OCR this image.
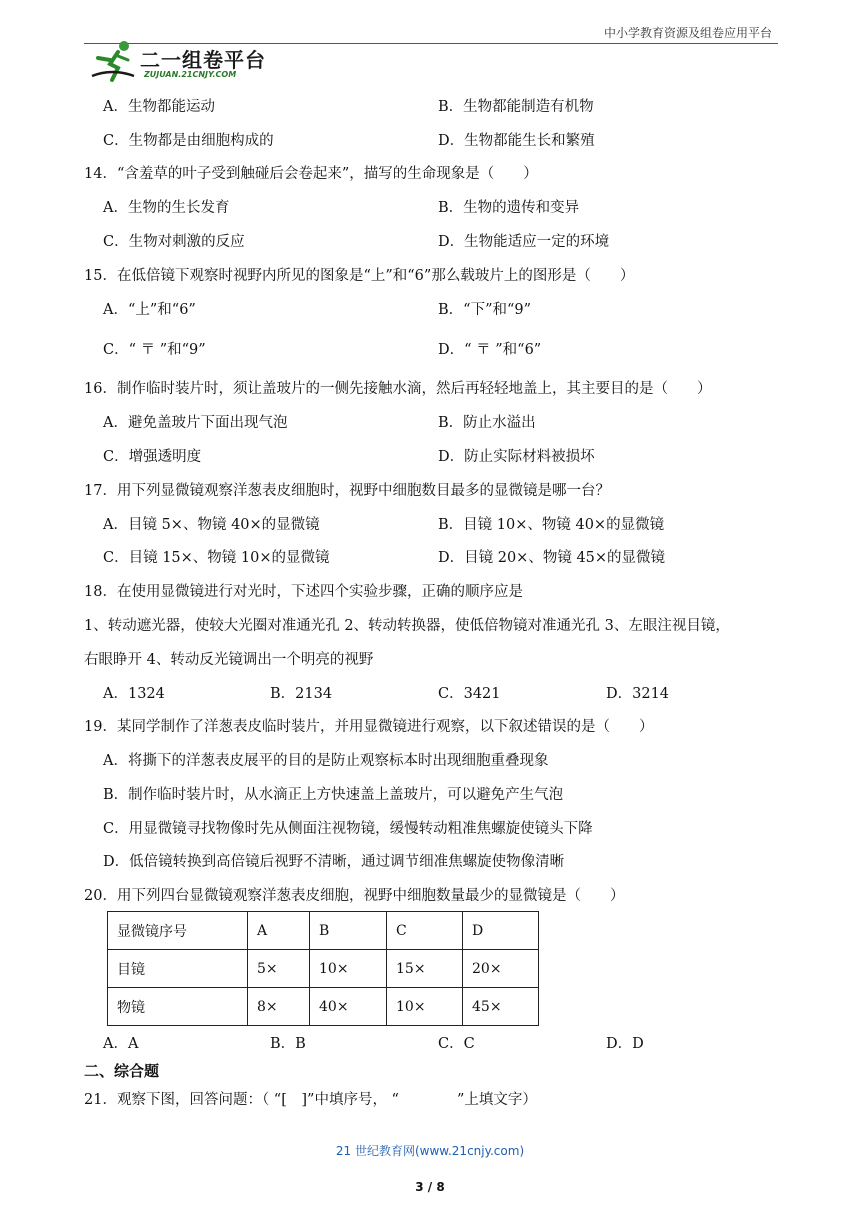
中小学教育资源及组卷应用平台
二一组卷平台
ZUJUAN.21CNJY.COM
A．生物都能运动	B．生物都能制造有机物
C．生物都是由细胞构成的	D．生物都能生长和繁殖
14．“含羞草的叶子受到触碰后会卷起来”，描写的生命现象是（　　）
A．生物的生长发育	B．生物的遗传和变异
C．生物对刺激的反应	D．生物能适应一定的环境
15．在低倍镜下观察时视野内所见的图象是“上”和“6”那么载玻片上的图形是（　　）
A．“上”和“6”	B．“下”和“9”
C．“ 〒 ”和“9”	D．“ 〒 ”和“6”
16．制作临时装片时，须让盖玻片的一侧先接触水滴，然后再轻轻地盖上，其主要目的是（　　）
A．避免盖玻片下面出现气泡	B．防止水溢出
C．增强透明度	D．防止实际材料被损坏
17．用下列显微镜观察洋葱表皮细胞时，视野中细胞数目最多的显微镜是哪一台？
A．目镜 5×、物镜 40×的显微镜	B．目镜 10×、物镜 40×的显微镜
C．目镜 15×、物镜 10×的显微镜	D．目镜 20×、物镜 45×的显微镜
18．在使用显微镜进行对光时，下述四个实验步骤，正确的顺序应是
1、转动遮光器，使较大光圈对准通光孔 2、转动转换器，使低倍物镜对准通光孔 3、左眼注视目镜，
右眼睁开 4、转动反光镜调出一个明亮的视野
A．1324	B．2134	C．3421	D．3214
19．某同学制作了洋葱表皮临时装片，并用显微镜进行观察，以下叙述错误的是（　　）
A．将撕下的洋葱表皮展平的目的是防止观察标本时出现细胞重叠现象
B．制作临时装片时，从水滴正上方快速盖上盖玻片，可以避免产生气泡
C．用显微镜寻找物像时先从侧面注视物镜，缓慢转动粗准焦螺旋使镜头下降
D．低倍镜转换到高倍镜后视野不清晰，通过调节细准焦螺旋使物像清晰
20．用下列四台显微镜观察洋葱表皮细胞，视野中细胞数量最少的显微镜是（　　）
显微镜序号	A	B	C	D
目镜	5×	10×	15×	20×
物镜	8×	40×	10×	45×
A．A	B．B	C．C	D．D
二、综合题
21．观察下图，回答问题：（ “[　]”中填序号， “　　　　”上填文字）
21 世纪教育网(www.21cnjy.com)
3 / 8
